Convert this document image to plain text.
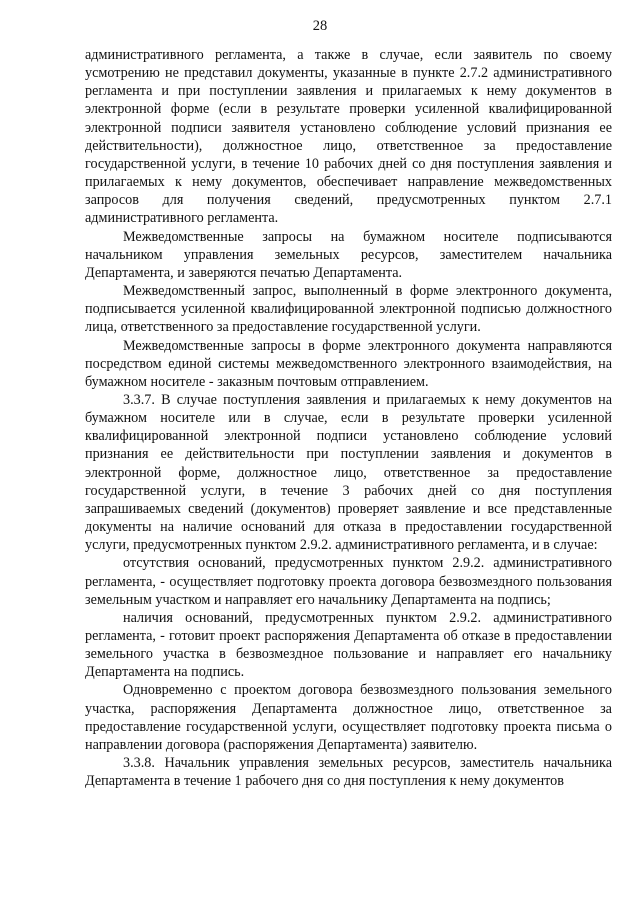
28

административного регламента, а также в случае, если заявитель по своему усмотрению не представил документы, указанные в пункте 2.7.2 административного регламента и при поступлении заявления и прилагаемых к нему документов в электронной форме (если в результате проверки усиленной квалифицированной электронной подписи заявителя установлено соблюдение условий признания ее действительности), должностное лицо, ответственное за предоставление государственной услуги, в течение 10 рабочих дней со дня поступления заявления и прилагаемых к нему документов, обеспечивает направление межведомственных запросов для получения сведений, предусмотренных пунктом 2.7.1 административного регламента.

Межведомственные запросы на бумажном носителе подписываются начальником управления земельных ресурсов, заместителем начальника Департамента, и заверяются печатью Департамента.

Межведомственный запрос, выполненный в форме электронного документа, подписывается усиленной квалифицированной электронной подписью должностного лица, ответственного за предоставление государственной услуги.

Межведомственные запросы в форме электронного документа направляются посредством единой системы межведомственного электронного взаимодействия, на бумажном носителе - заказным почтовым отправлением.

3.3.7. В случае поступления заявления и прилагаемых к нему документов на бумажном носителе или в случае, если в результате проверки усиленной квалифицированной электронной подписи установлено соблюдение условий признания ее действительности при поступлении заявления и документов в электронной форме, должностное лицо, ответственное за предоставление государственной услуги, в течение 3 рабочих дней со дня поступления запрашиваемых сведений (документов) проверяет заявление и все представленные документы на наличие оснований для отказа в предоставлении государственной услуги, предусмотренных пунктом 2.9.2. административного регламента, и в случае:

отсутствия оснований, предусмотренных пунктом 2.9.2. административного регламента, - осуществляет подготовку проекта договора безвозмездного пользования земельным участком и направляет его начальнику Департамента на подпись;

наличия оснований, предусмотренных пунктом 2.9.2. административного регламента, - готовит проект распоряжения Департамента об отказе в предоставлении земельного участка в безвозмездное пользование и направляет его начальнику Департамента на подпись.

Одновременно с проектом договора безвозмездного пользования земельного участка, распоряжения Департамента должностное лицо, ответственное за предоставление государственной услуги, осуществляет подготовку проекта письма о направлении договора (распоряжения Департамента) заявителю.

3.3.8. Начальник управления земельных ресурсов, заместитель начальника Департамента в течение 1 рабочего дня со дня поступления к нему документов
